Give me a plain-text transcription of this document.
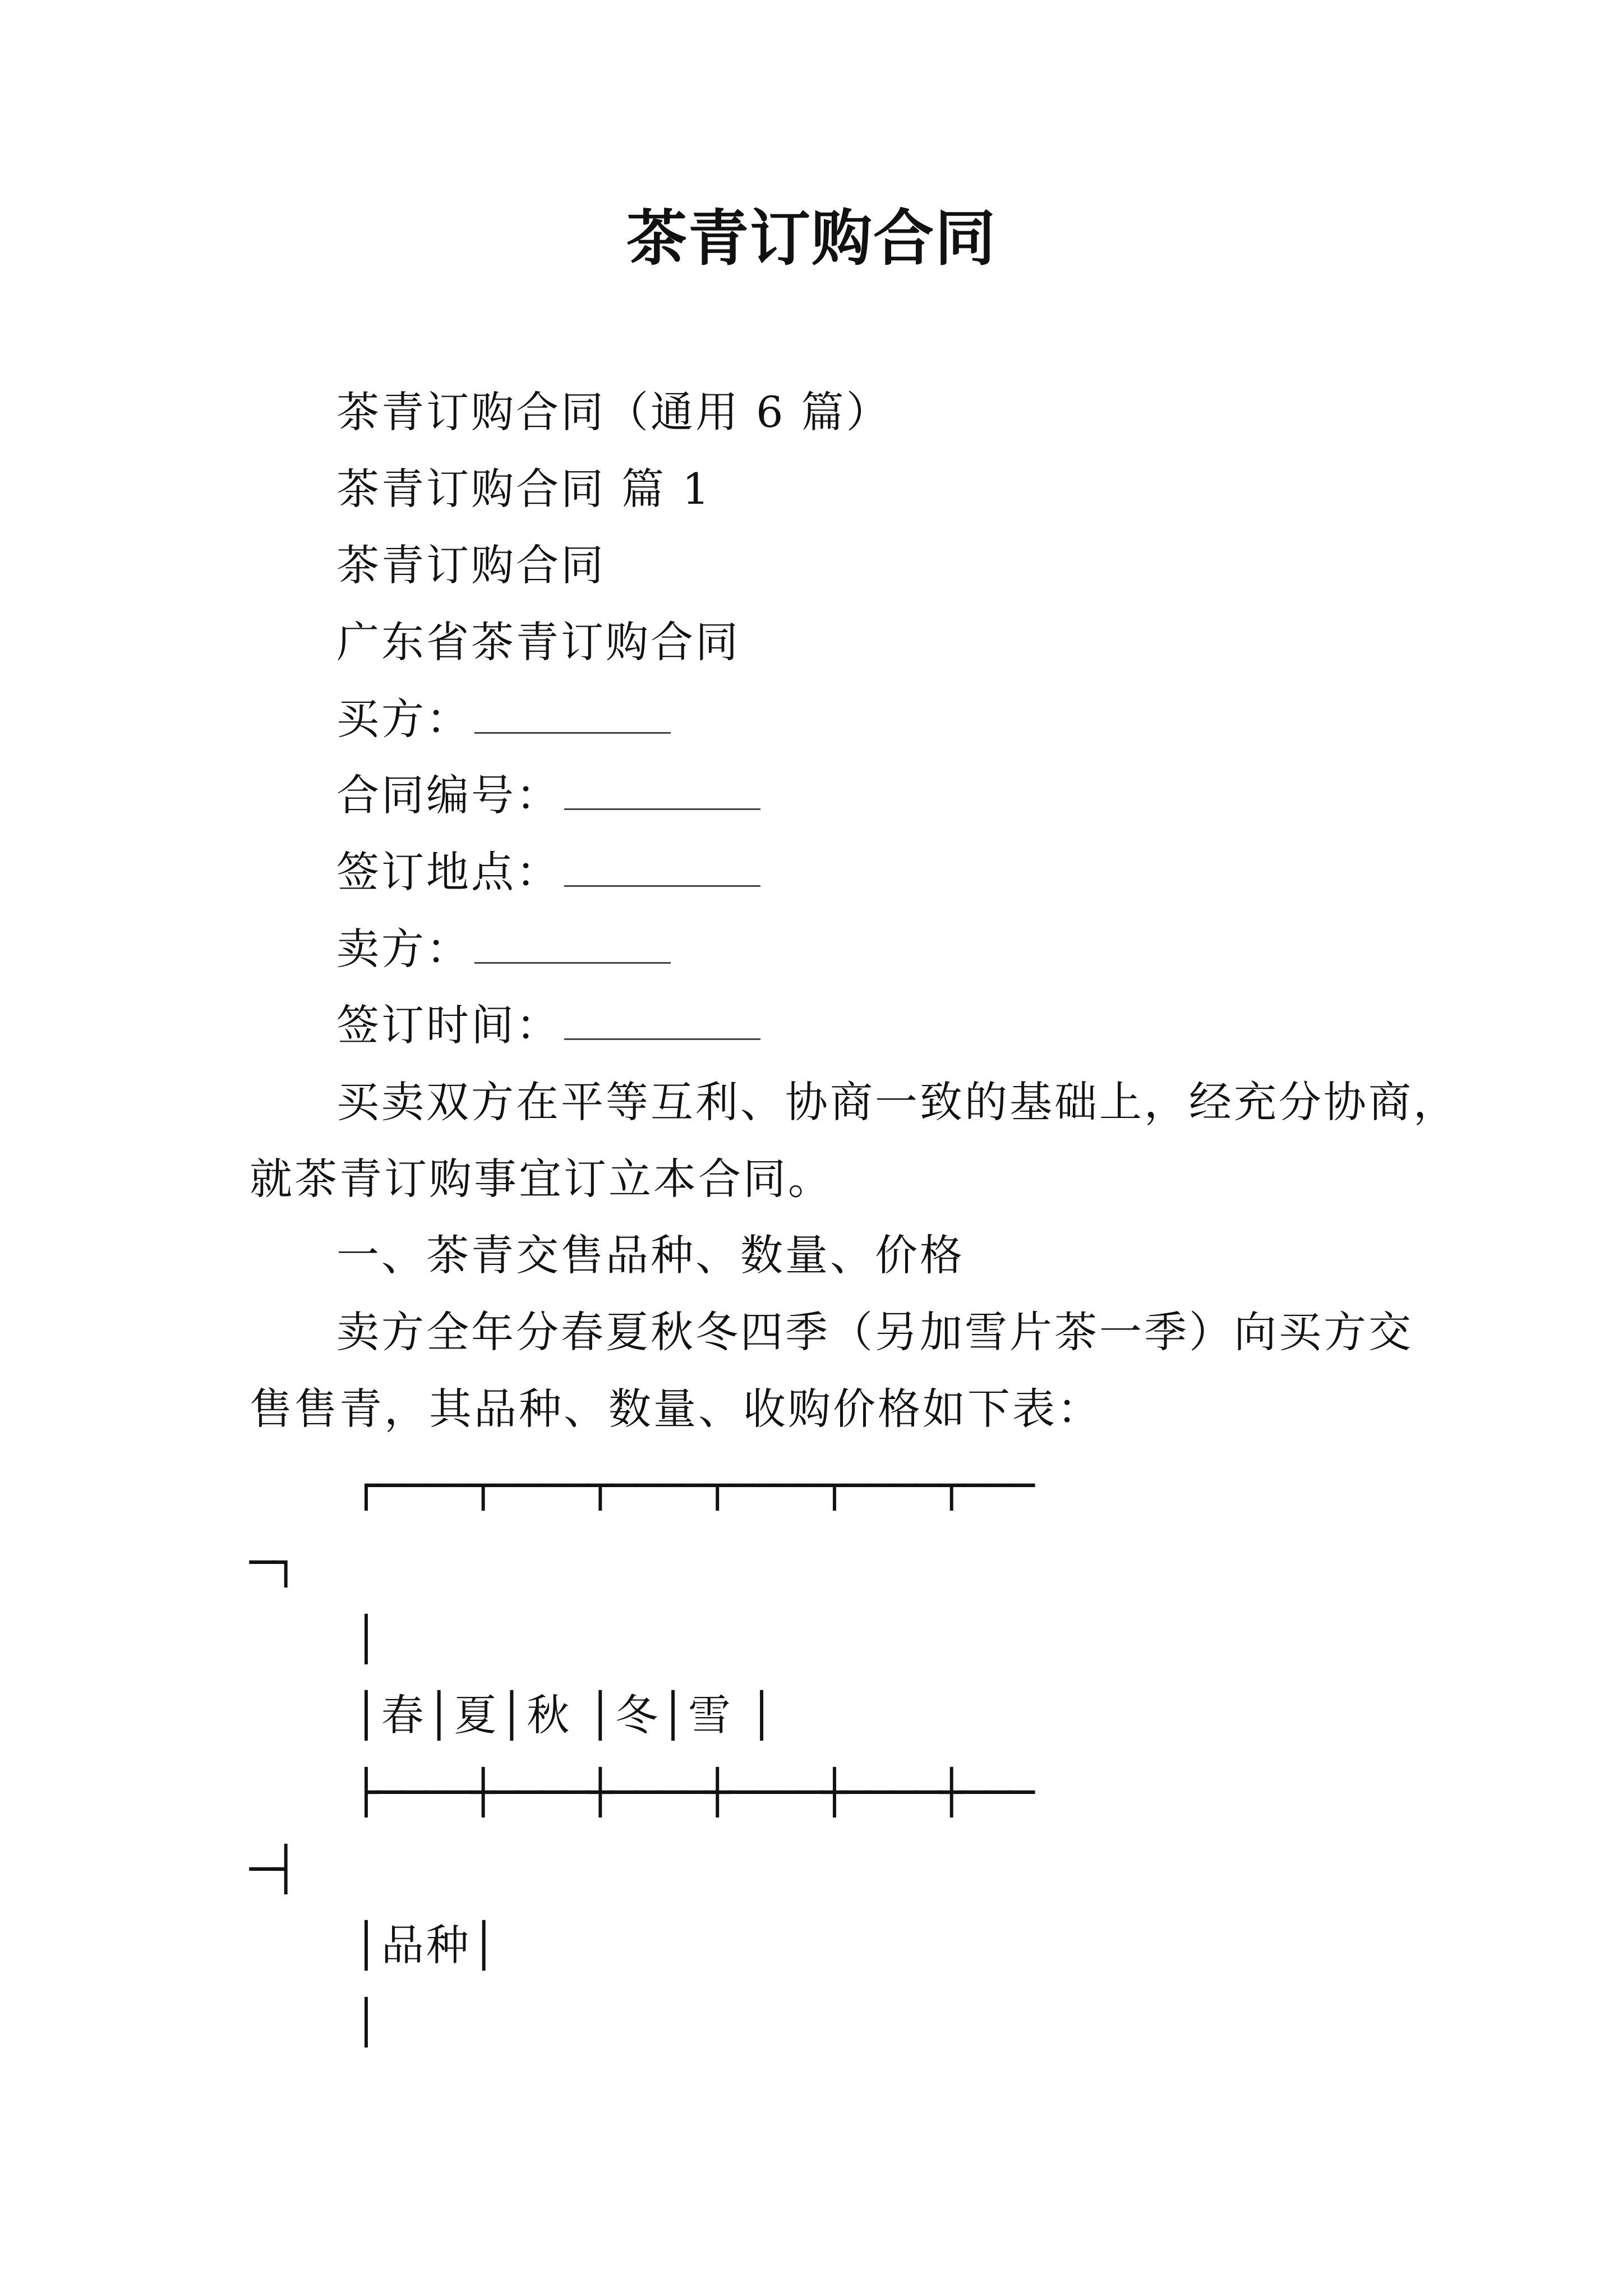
茶青订购合同
茶青订购合同（通用 6 篇）
茶青订购合同 篇 1
茶青订购合同
广东省茶青订购合同
买方：
合同编号：
签订地点：
卖方：
签订时间：
买卖双方在平等互利、协商一致的基础上，经充分协商，
就茶青订购事宜订立本合同。
一、茶青交售品种、数量、价格
卖方全年分春夏秋冬四季（另加雪片茶一季）向买方交
售售青，其品种、数量、收购价格如下表：
┌────┬────┬────┬────┬────┬───
─┐
│
│春│夏│秋 │冬│雪 │
├────┼────┼────┼────┼────┼───
─┤
│品种│
│
